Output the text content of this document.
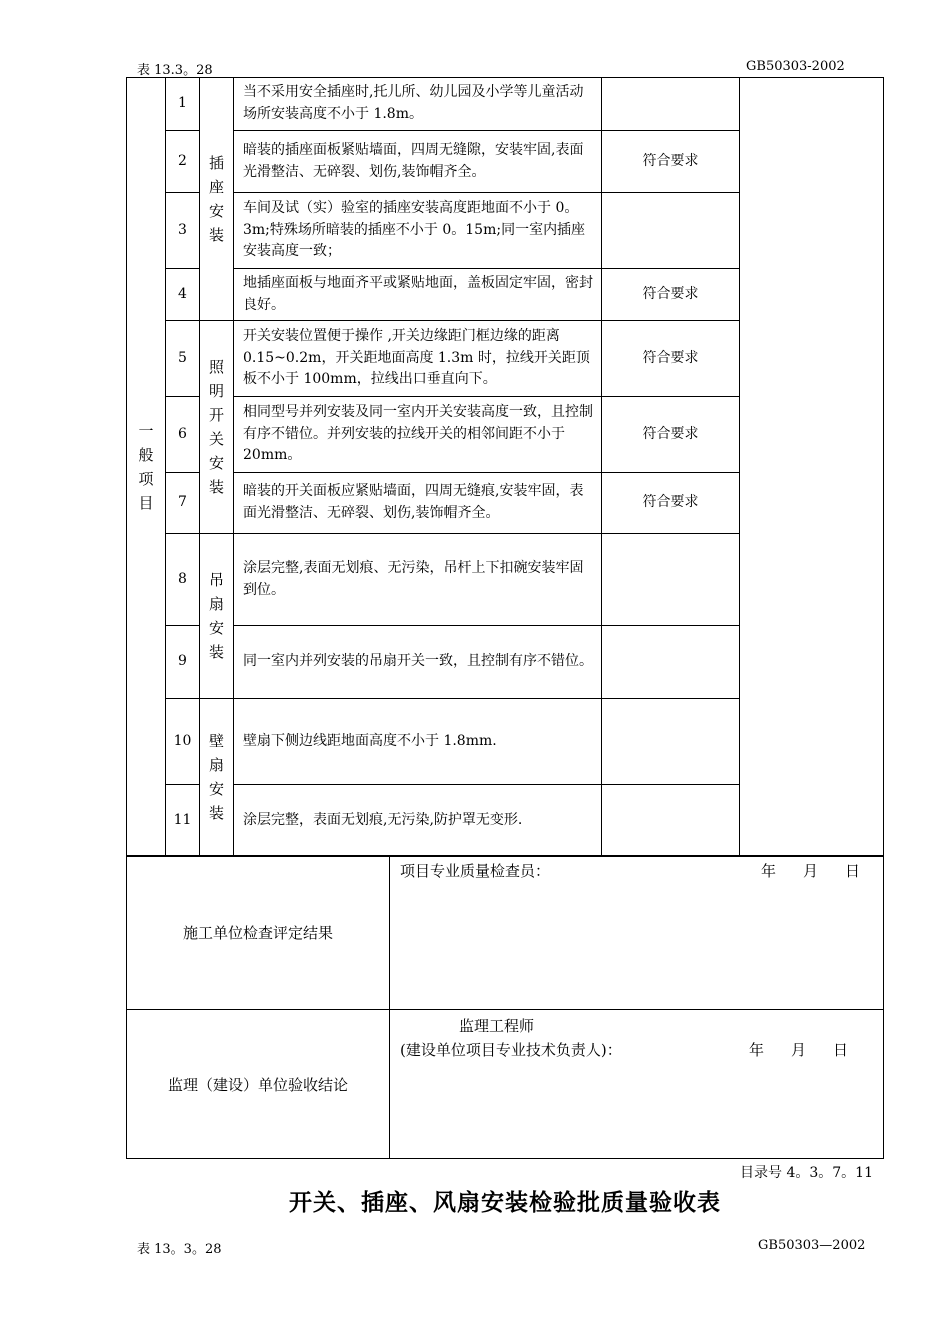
表 13.3。28	GB50303-2002
一般项目	1	插座安装	当不采用安全插座时,托儿所、幼儿园及小学等儿童活动场所安装高度不小于 1.8m。		
	2		暗装的插座面板紧贴墙面，四周无缝隙，安装牢固,表面光滑整洁、无碎裂、划伤,装饰帽齐全。	符合要求	
	3		车间及试（实）验室的插座安装高度距地面不小于 0。3m;特殊场所暗装的插座不小于 0。15m;同一室内插座安装高度一致；		
	4		地插座面板与地面齐平或紧贴地面，盖板固定牢固，密封良好。	符合要求	
	5	照明开关安装	开关安装位置便于操作 ,开关边缘距门框边缘的距离 0.15~0.2m，开关距地面高度 1.3m 时，拉线开关距顶板不小于 100mm，拉线出口垂直向下。	符合要求	
	6		相同型号并列安装及同一室内开关安装高度一致，且控制有序不错位。并列安装的拉线开关的相邻间距不小于 20mm。	符合要求	
	7		暗装的开关面板应紧贴墙面，四周无缝痕,安装牢固，表面光滑整洁、无碎裂、划伤,装饰帽齐全。	符合要求	
	8	吊扇安装	涂层完整,表面无划痕、无污染，吊杆上下扣碗安装牢固到位。		
	9		同一室内并列安装的吊扇开关一致，且控制有序不错位。		
	10	壁扇安装	壁扇下侧边线距地面高度不小于 1.8mm.		
	11		涂层完整，表面无划痕,无污染,防护罩无变形.		
施工单位检查评定结果	项目专业质量检查员： 年 月 日

监理（建设）单位验收结论	监理工程师
(建设单位项目专业技术负责人)： 年 月 日
目录号 4。3。7。11
开关、插座、风扇安装检验批质量验收表
表 13。3。28	GB50303—2002
